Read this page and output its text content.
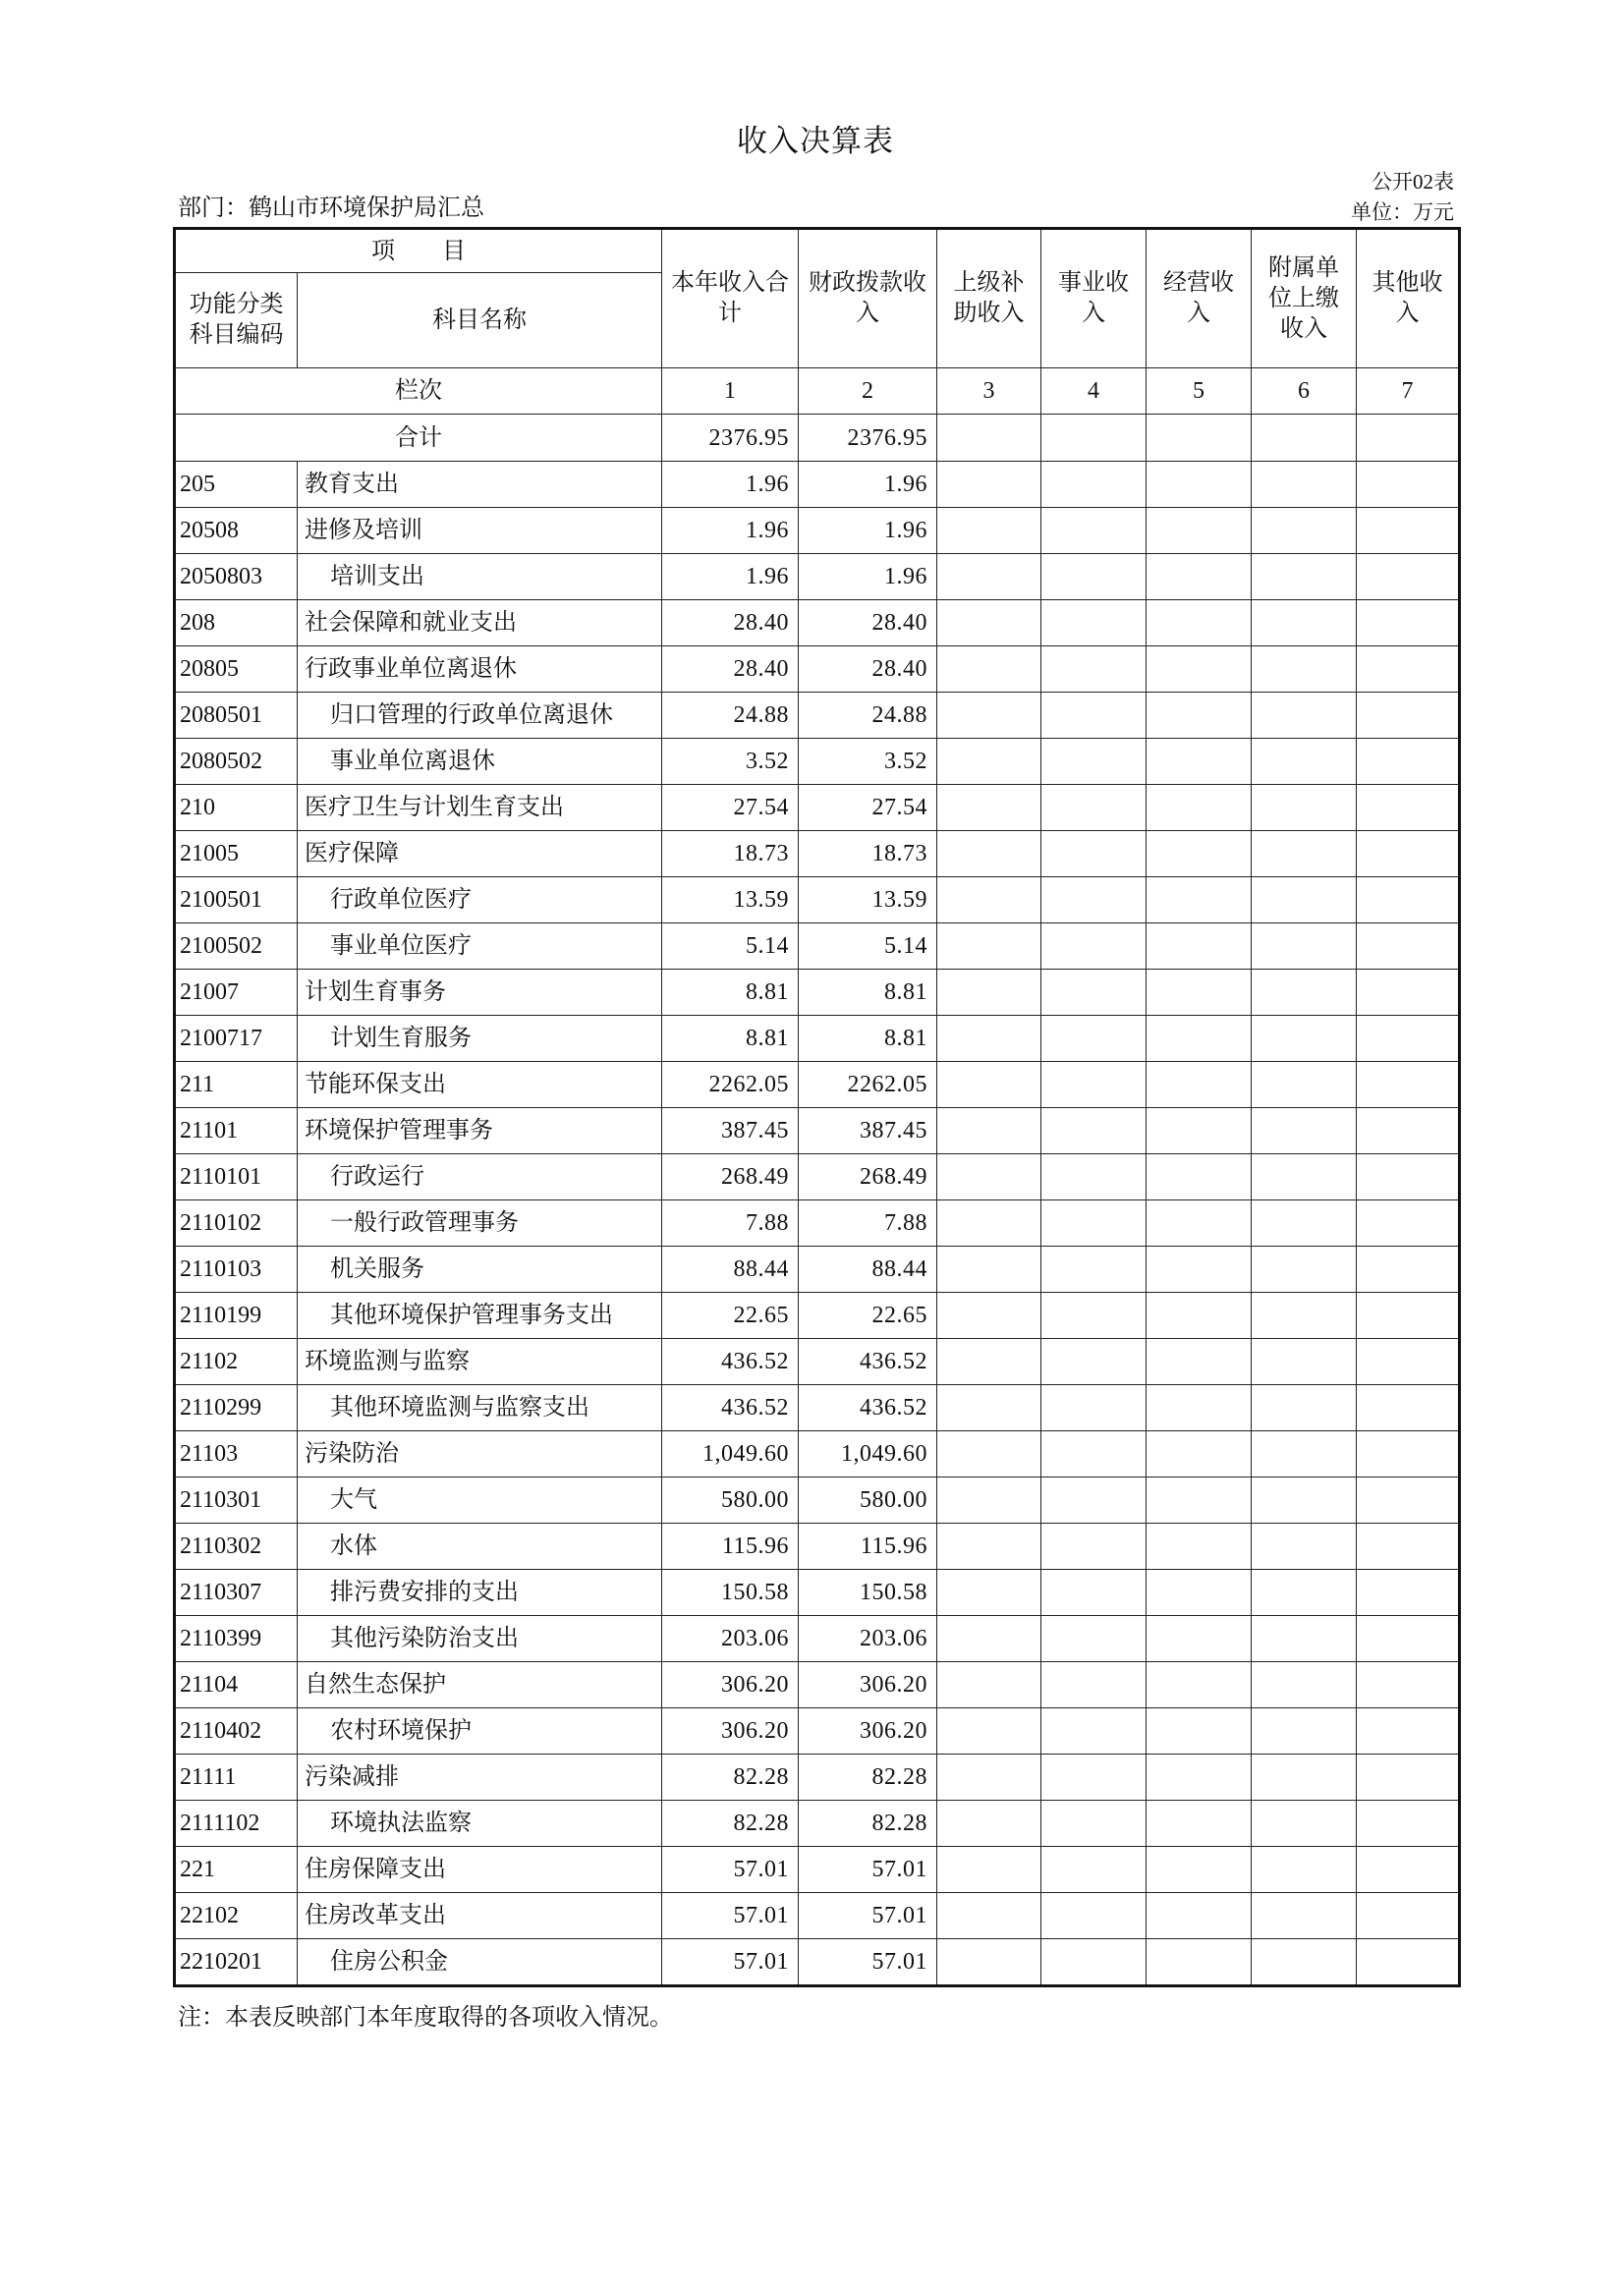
收入决算表
公开02表
部门：鹤山市环境保护局汇总	单位：万元
项　　目		本年收入合计	财政拨款收入	上级补助收入	事业收入	经营收入	附属单位上缴收入	其他收入
功能分类科目编码	科目名称							
栏次		1	2	3	4	5	6	7
合计		2376.95	2376.95					
205	教育支出	1.96	1.96					
20508	进修及培训	1.96	1.96					
2050803	培训支出	1.96	1.96					
208	社会保障和就业支出	28.40	28.40					
20805	行政事业单位离退休	28.40	28.40					
2080501	归口管理的行政单位离退休	24.88	24.88					
2080502	事业单位离退休	3.52	3.52					
210	医疗卫生与计划生育支出	27.54	27.54					
21005	医疗保障	18.73	18.73					
2100501	行政单位医疗	13.59	13.59					
2100502	事业单位医疗	5.14	5.14					
21007	计划生育事务	8.81	8.81					
2100717	计划生育服务	8.81	8.81					
211	节能环保支出	2262.05	2262.05					
21101	环境保护管理事务	387.45	387.45					
2110101	行政运行	268.49	268.49					
2110102	一般行政管理事务	7.88	7.88					
2110103	机关服务	88.44	88.44					
2110199	其他环境保护管理事务支出	22.65	22.65					
21102	环境监测与监察	436.52	436.52					
2110299	其他环境监测与监察支出	436.52	436.52					
21103	污染防治	1,049.60	1,049.60					
2110301	大气	580.00	580.00					
2110302	水体	115.96	115.96					
2110307	排污费安排的支出	150.58	150.58					
2110399	其他污染防治支出	203.06	203.06					
21104	自然生态保护	306.20	306.20					
2110402	农村环境保护	306.20	306.20					
21111	污染减排	82.28	82.28					
2111102	环境执法监察	82.28	82.28					
221	住房保障支出	57.01	57.01					
22102	住房改革支出	57.01	57.01					
2210201	住房公积金	57.01	57.01					
注：本表反映部门本年度取得的各项收入情况。
